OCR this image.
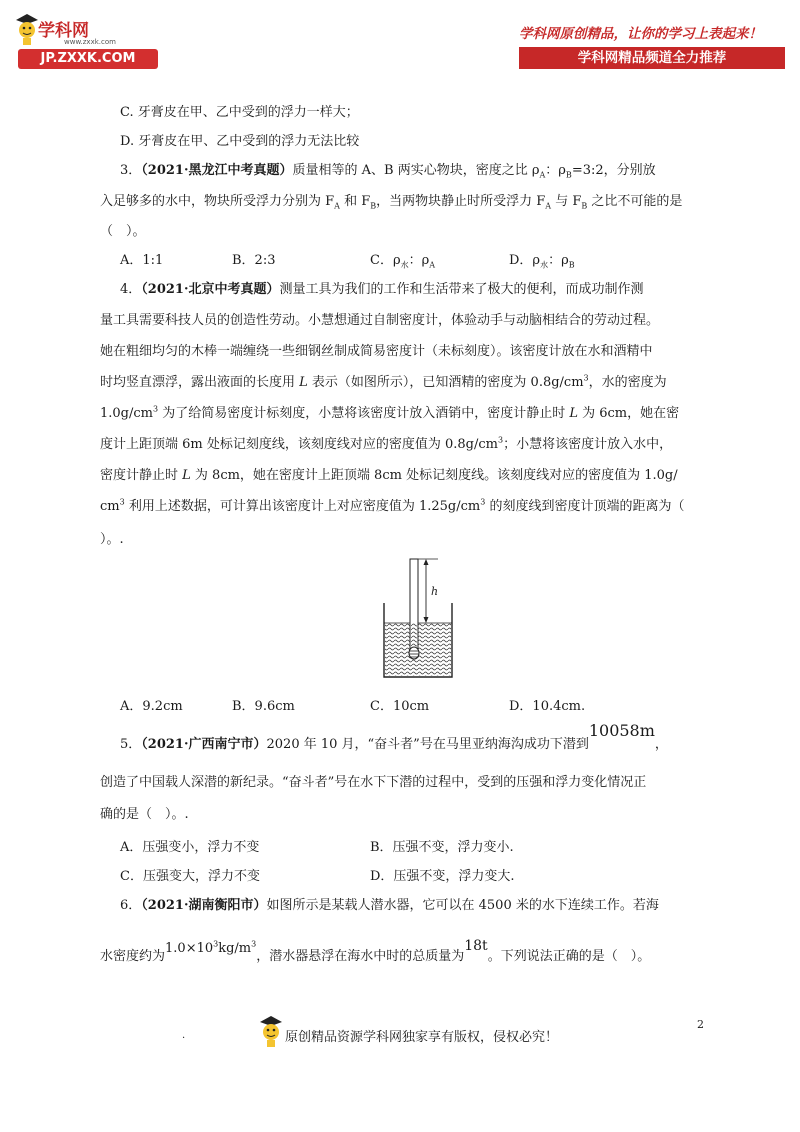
学科网
www.zxxk.com
JP.ZXXK.COM
学科网原创精品，让你的学习上表起来！
学科网精品频道全力推荐
C. 牙膏皮在甲、乙中受到的浮力一样大；
D. 牙膏皮在甲、乙中受到的浮力无法比较
3．（2021·黑龙江中考真题）质量相等的 A、B 两实心物块，密度之比 $\rho_A$：$\rho_B=3:2$，分别放
入足够多的水中，物块所受浮力分别为 $F_A$ 和 $F_B$，当两物块静止时所受浮力 $F_A$ 与 $F_B$ 之比不可能的是
（　）。
A．1:1	B．2:3	C．$\rho_水$：$\rho_A$	D．$\rho_水$：$\rho_B$
4．（2021·北京中考真题）测量工具为我们的工作和生活带来了极大的便利，而成功制作测
量工具需要科技人员的创造性劳动。小慧想通过自制密度计，体验动手与动脑相结合的劳动过程。
她在粗细均匀的木棒一端缠绕一些细钢丝制成简易密度计（未标刻度）。该密度计放在水和酒精中
时均竖直漂浮，露出液面的长度用 L 表示（如图所示），已知酒精的密度为 $0.8g/cm^3$，水的密度为
$1.0g/cm^3$ 为了给简易密度计标刻度，小慧将该密度计放入酒销中，密度计静止时 L 为 6cm，她在密
度计上距顶端 6m 处标记刻度线，该刻度线对应的密度值为 $0.8g/cm^3$；小慧将该密度计放入水中，
密度计静止时 L 为 8cm，她在密度计上距顶端 8cm 处标记刻度线。该刻度线对应的密度值为 1.0g/
$cm^3$ 利用上述数据，可计算出该密度计上对应密度值为 $1.25g/cm^3$ 的刻度线到密度计顶端的距离为（
）。.
h
A．9.2cm	B．9.6cm	C．10cm	D．10.4cm.
5．（2021·广西南宁市）2020 年 10 月，“奋斗者”号在马里亚纳海沟成功下潜到10058m，
创造了中国载人深潜的新纪录。“奋斗者”号在水下下潜的过程中，受到的压强和浮力变化情况正
确的是（　）。.
A．压强变小，浮力不变	B．压强不变，浮力变小.
C．压强变大，浮力不变	D．压强不变，浮力变大.
6．（2021·湖南衡阳市）如图所示是某载人潜水器，它可以在 4500 米的水下连续工作。若海
水密度约为$1.0\times 10^3kg/m^3$，潜水器悬浮在海水中时的总质量为18t。下列说法正确的是（　）。
2
.	原创精品资源学科网独家享有版权，侵权必究！
